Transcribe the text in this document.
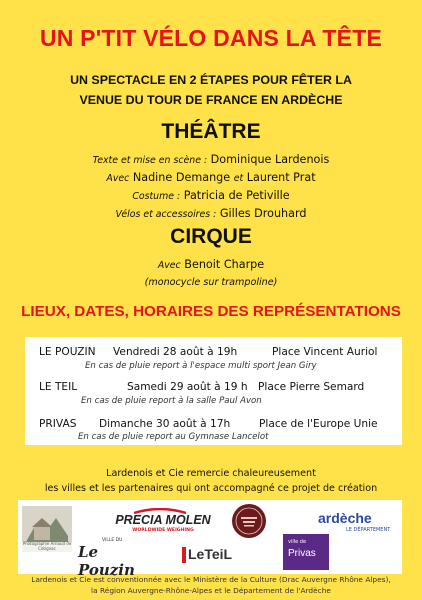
UN P'TIT VÉLO DANS LA TÊTE
UN SPECTACLE EN 2 ÉTAPES POUR FÊTER LA
VENUE DU TOUR DE FRANCE EN ARDÈCHE
THÉÂTRE
Texte et mise en scène : Dominique Lardenois
Avec Nadine Demange et Laurent Prat
Costume : Patricia de Petiville
Vélos et accessoires : Gilles Drouhard
CIRQUE
Avec Benoit Charpe
(monocycle sur trampoline)
LIEUX, DATES, HORAIRES DES REPRÉSENTATIONS
LE POUZIN Vendredi 28 août à 19h	Place Vincent Auriol
En cas de pluie report à l'espace multi sport Jean Giry
LE TEIL	Samedi 29 août à 19 h Place Pierre Semard
En cas de pluie report à la salle Paul Avon
PRIVAS Dimanche 30 août à 17h	Place de l'Europe Unie
En cas de pluie report au Gymnase Lancelot
Lardenois et Cie remercie chaleureusement
les villes et les partenaires qui ont accompagné ce projet de création
Photographie Arnaud de Cotignac
VILLE DU
Le Pouzin
PRECIA MOLEN
WORLDWIDE WEIGHING
LeTeiL
ville de
Privas
ardèche
LE DÉPARTEMENT
Lardenois et Cie est conventionnée avec le Ministère de la Culture (Drac Auvergne Rhône Alpes),
la Région Auvergne-Rhône-Alpes et le Département de l'Ardèche
